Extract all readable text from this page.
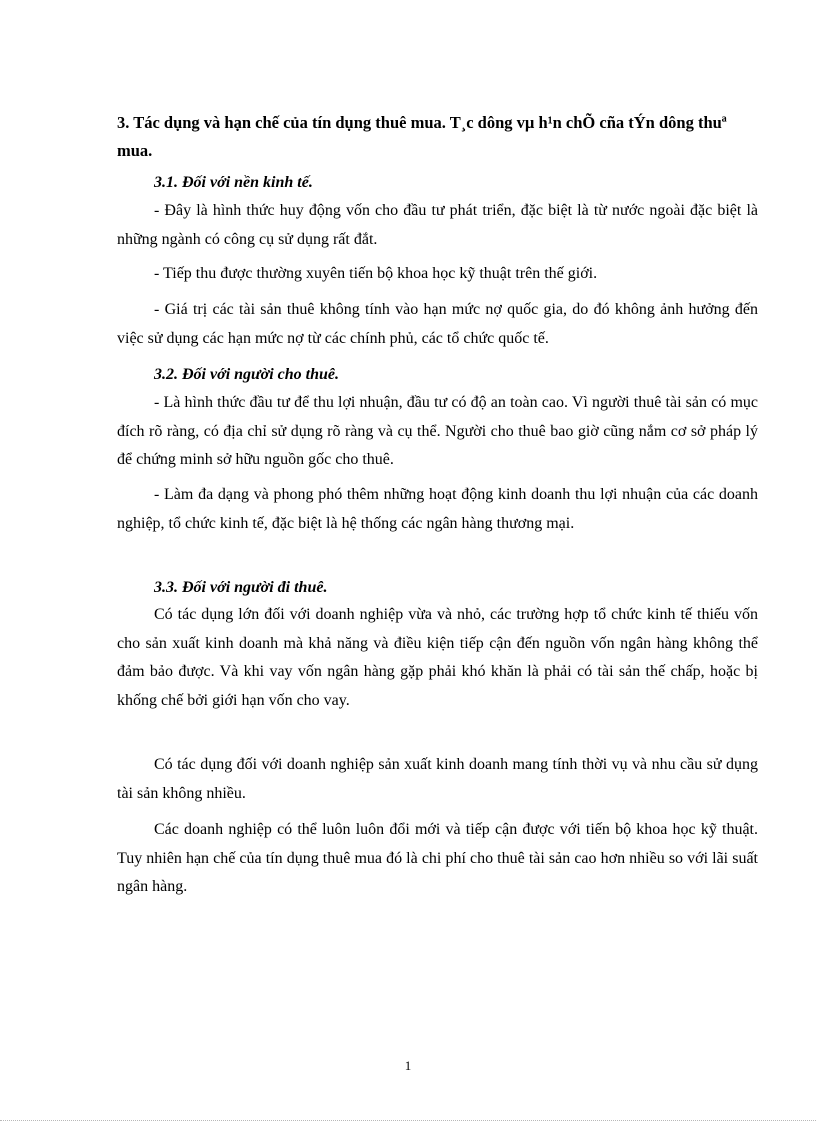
3. Tác dụng và hạn chế của tín dụng thuê mua. T¸c dông vµ h¹n chÕ cña tÝn dông thuª mua.
3.1. Đối với nền kinh tế.

- Đây là hình thức huy động vốn cho đầu tư phát triển, đặc biệt là từ nước ngoài đặc biệt là những ngành có công cụ sử dụng rất đắt.

- Tiếp thu được thường xuyên tiến bộ khoa học kỹ thuật trên thế giới.

- Giá trị các tài sản thuê không tính vào hạn mức nợ quốc gia, do đó không ảnh hưởng đến việc sử dụng các hạn mức nợ từ các chính phủ, các tổ chức quốc tế.

3.2. Đối với người cho thuê.

- Là hình thức đầu tư để thu lợi nhuận, đầu tư có độ an toàn cao. Vì người thuê tài sản có mục đích rõ ràng, có địa chỉ sử dụng rõ ràng và cụ thể. Người cho thuê bao giờ cũng nắm cơ sở pháp lý để chứng minh sở hữu nguồn gốc cho thuê.

- Làm đa dạng và phong phó thêm những hoạt động kinh doanh thu lợi nhuận của các doanh nghiệp, tổ chức kinh tế, đặc biệt là hệ thống các ngân hàng thương mại.

3.3. Đối với người đi thuê.

Có tác dụng lớn đối với doanh nghiệp vừa và nhỏ, các trường hợp tổ chức kinh tế thiếu vốn cho sản xuất kinh doanh mà khả năng và điều kiện tiếp cận đến nguồn vốn ngân hàng không thể đảm bảo được. Và khi vay vốn ngân hàng gặp phải khó khăn là phải có tài sản thế chấp, hoặc bị khống chế bởi giới hạn vốn cho vay.

Có tác dụng đối với doanh nghiệp sản xuất kinh doanh mang tính thời vụ và nhu cầu sử dụng tài sản không nhiều.

Các doanh nghiệp có thể luôn luôn đổi mới và tiếp cận được với tiến bộ khoa học kỹ thuật. Tuy nhiên hạn chế của tín dụng thuê mua đó là chi phí cho thuê tài sản cao hơn nhiều so với lãi suất ngân hàng.

1
